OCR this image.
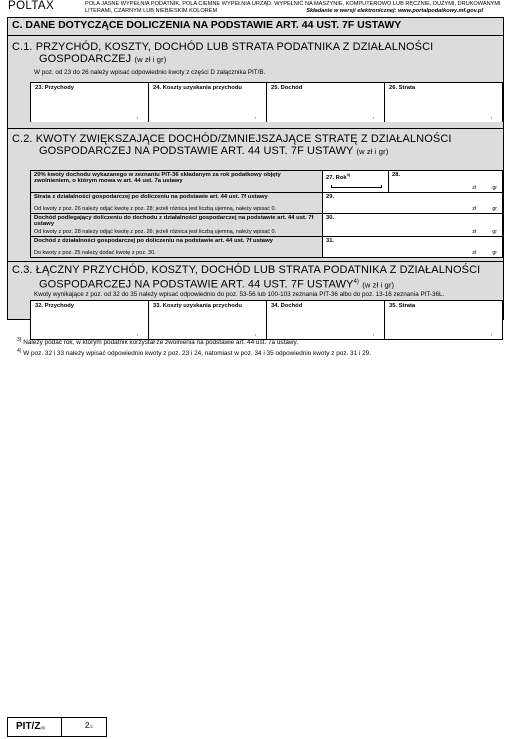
POLTAX	POLA JASNE WYPEŁNIA PODATNIK, POLA CIEMNE WYPEŁNIA URZĄD. WYPEŁNIĆ NA MASZYNIE, KOMPUTEROWO LUB RĘCZNIE, DUŻYMI, DRUKOWANYMI
LITERAMI, CZARNYM LUB NIEBIESKIM KOLOREM	Składanie w wersji elektronicznej: www.portalpodatkowy.mf.gov.pl
C. DANE DOTYCZĄCE DOLICZENIA NA PODSTAWIE ART. 44 UST. 7F USTAWY
C.1. PRZYCHÓD, KOSZTY, DOCHÓD LUB STRATA PODATNIKA Z DZIAŁALNOŚCI
GOSPODARCZEJ (w zł i gr)
W poz. od 23 do 26 należy wpisać odpowiednio kwoty z części D załącznika PIT/B.
23. Przychody
,
24. Koszty uzyskania przychodu
,
25. Dochód
,
26. Strata
,
C.2. KWOTY ZWIĘKSZAJĄCE DOCHÓD/ZMNIEJSZAJĄCE STRATĘ Z DZIAŁALNOŚCI
GOSPODARCZEJ NA PODSTAWIE ART. 44 UST. 7F USTAWY (w zł i gr)
20% kwoty dochodu wykazanego w zeznaniu PIT-36 składanym za rok podatkowy objęty zwolnieniem, o którym mowa w art. 44 ust. 7a ustawy
27. Rok$^{3)}$	28.
zł	gr
Strata z działalności gospodarczej po doliczeniu na podstawie art. 44 ust. 7f ustawy
Od kwoty z poz. 26 należy odjąć kwotę z poz. 28; jeżeli różnica jest liczbą ujemną, należy wpisać 0.
29.
zł	gr
Dochód podlegający doliczeniu do dochodu z działalności gospodarczej na podstawie art. 44 ust. 7f ustawy
Od kwoty z poz. 28 należy odjąć kwotę z poz. 26; jeżeli różnica jest liczbą ujemną, należy wpisać 0.
30.
zł	gr
Dochód z działalności gospodarczej po doliczeniu na podstawie art. 44 ust. 7f ustawy
Do kwoty z poz. 25 należy dodać kwotę z poz. 30.
31.
zł	gr
C.3. ŁĄCZNY PRZYCHÓD, KOSZTY, DOCHÓD LUB STRATA PODATNIKA Z DZIAŁALNOŚCI
GOSPODARCZEJ NA PODSTAWIE ART. 44 UST. 7F USTAWY$^{4)}$ (w zł i gr)
Kwoty wynikające z poz. od 32 do 35 należy wpisać odpowiednio do poz. 53-56 lub 100-103 zeznania PIT-36 albo do poz. 13-16 zeznania PIT-36L.
32. Przychody
,
33. Koszty uzyskania przychodu
,
34. Dochód
,
35. Strata
,
$^{3)}$ Należy podać rok, w którym podatnik korzystał ze zwolnienia na podstawie art. 44 ust. 7a ustawy.
$^{4)}$ W poz. 32 i 33 należy wpisać odpowiednio kwoty z poz. 23 i 24, natomiast w poz. 34 i 35 odpowiednio kwoty z poz. 31 i 29.
PIT/Z(5)	2/2
